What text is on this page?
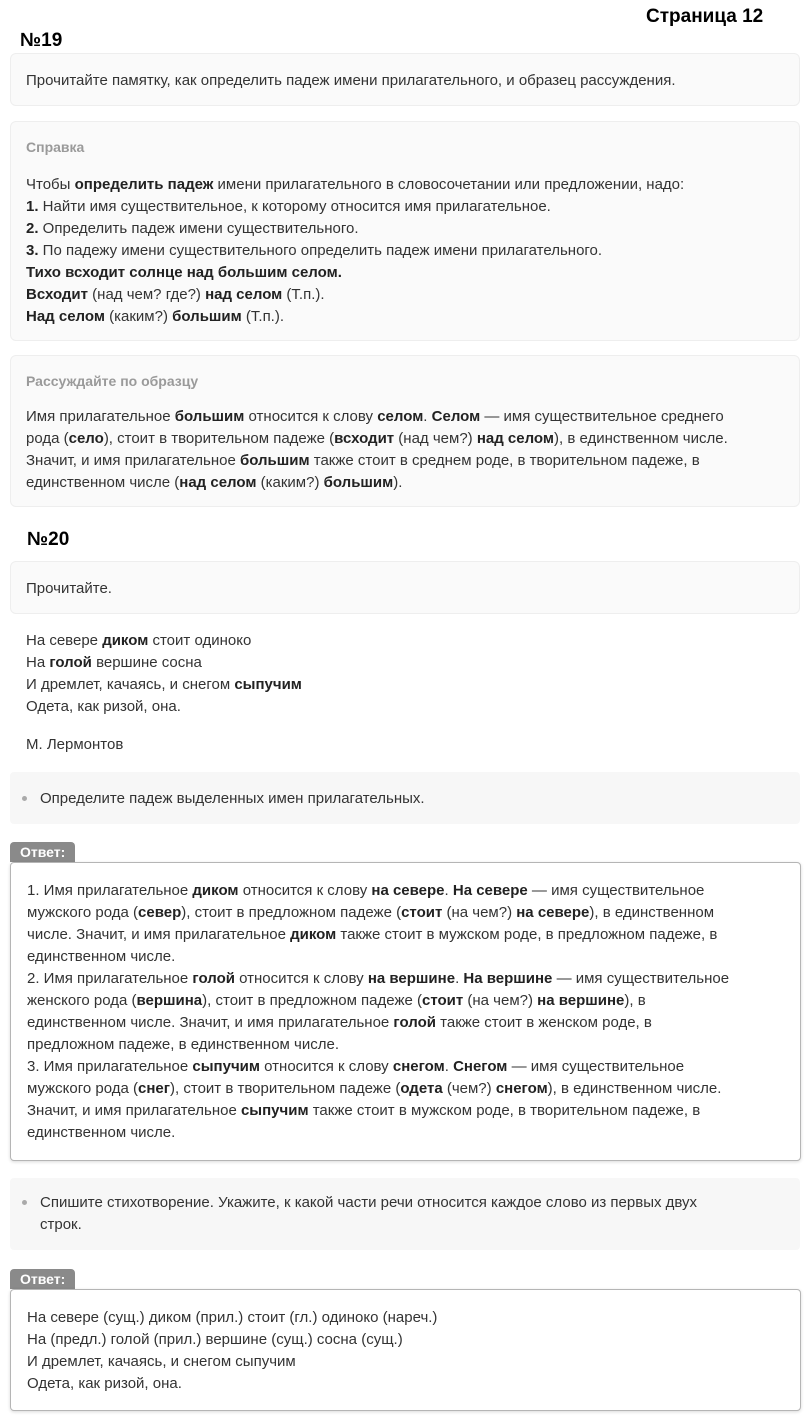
Страница 12
№19
Прочитайте памятку, как определить падеж имени прилагательного, и образец рассуждения.
Справка
Чтобы определить падеж имени прилагательного в словосочетании или предложении, надо:
1. Найти имя существительное, к которому относится имя прилагательное.
2. Определить падеж имени существительного.
3. По падежу имени существительного определить падеж имени прилагательного.
Тихо всходит солнце над большим селом.
Всходит (над чем? где?) над селом (Т.п.).
Над селом (каким?) большим (Т.п.).
Рассуждайте по образцу
Имя прилагательное большим относится к слову селом. Селом — имя существительное среднего
рода (село), стоит в творительном падеже (всходит (над чем?) над селом), в единственном числе.
Значит, и имя прилагательное большим также стоит в среднем роде, в творительном падеже, в
единственном числе (над селом (каким?) большим).
№20
Прочитайте.
На севере диком стоит одиноко
На голой вершине сосна
И дремлет, качаясь, и снегом сыпучим
Одета, как ризой, она.
М. Лермонтов
Определите падеж выделенных имен прилагательных.
Ответ:
1. Имя прилагательное диком относится к слову на севере. На севере — имя существительное
мужского рода (север), стоит в предложном падеже (стоит (на чем?) на севере), в единственном
числе. Значит, и имя прилагательное диком также стоит в мужском роде, в предложном падеже, в
единственном числе.
2. Имя прилагательное голой относится к слову на вершине. На вершине — имя существительное
женского рода (вершина), стоит в предложном падеже (стоит (на чем?) на вершине), в
единственном числе. Значит, и имя прилагательное голой также стоит в женском роде, в
предложном падеже, в единственном числе.
3. Имя прилагательное сыпучим относится к слову снегом. Снегом — имя существительное
мужского рода (снег), стоит в творительном падеже (одета (чем?) снегом), в единственном числе.
Значит, и имя прилагательное сыпучим также стоит в мужском роде, в творительном падеже, в
единственном числе.
Спишите стихотворение. Укажите, к какой части речи относится каждое слово из первых двух
строк.
Ответ:
На севере (сущ.) диком (прил.) стоит (гл.) одиноко (нареч.)
На (предл.) голой (прил.) вершине (сущ.) сосна (сущ.)
И дремлет, качаясь, и снегом сыпучим
Одета, как ризой, она.
